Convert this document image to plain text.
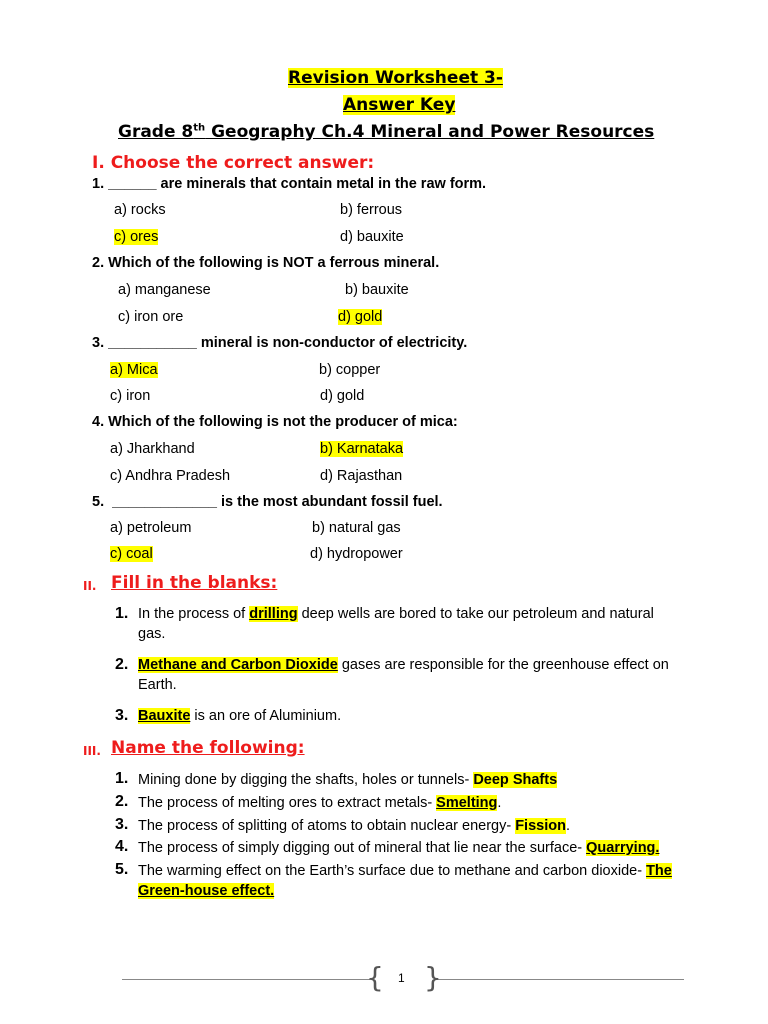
Revision Worksheet 3-
Answer Key
Grade 8th Geography Ch.4 Mineral and Power Resources
I. Choose the correct answer:
1. ______ are minerals that contain metal in the raw form.
a) rocks	b) ferrous
c) ores	d) bauxite
2. Which of the following is NOT a ferrous mineral.
a) manganese	b) bauxite
c) iron ore	d) gold
3. ___________ mineral is non-conductor of electricity.
a) Mica	b) copper
c) iron	d) gold
4. Which of the following is not the producer of mica:
a) Jharkhand	b) Karnataka
c) Andhra Pradesh	d) Rajasthan
5. _____________ is the most abundant fossil fuel.
a) petroleum	b) natural gas
c) coal	d) hydropower
II. Fill in the blanks:
1. In the process of drilling deep wells are bored to take our petroleum and natural
gas.
2. Methane and Carbon Dioxide gases are responsible for the greenhouse effect on
Earth.
3. Bauxite is an ore of Aluminium.
III. Name the following:
1. Mining done by digging the shafts, holes or tunnels- Deep Shafts
2. The process of melting ores to extract metals- Smelting.
3. The process of splitting of atoms to obtain nuclear energy- Fission.
4. The process of simply digging out of mineral that lie near the surface- Quarrying.
5. The warming effect on the Earth’s surface due to methane and carbon dioxide- The
Green-house effect.
{ 1 }
